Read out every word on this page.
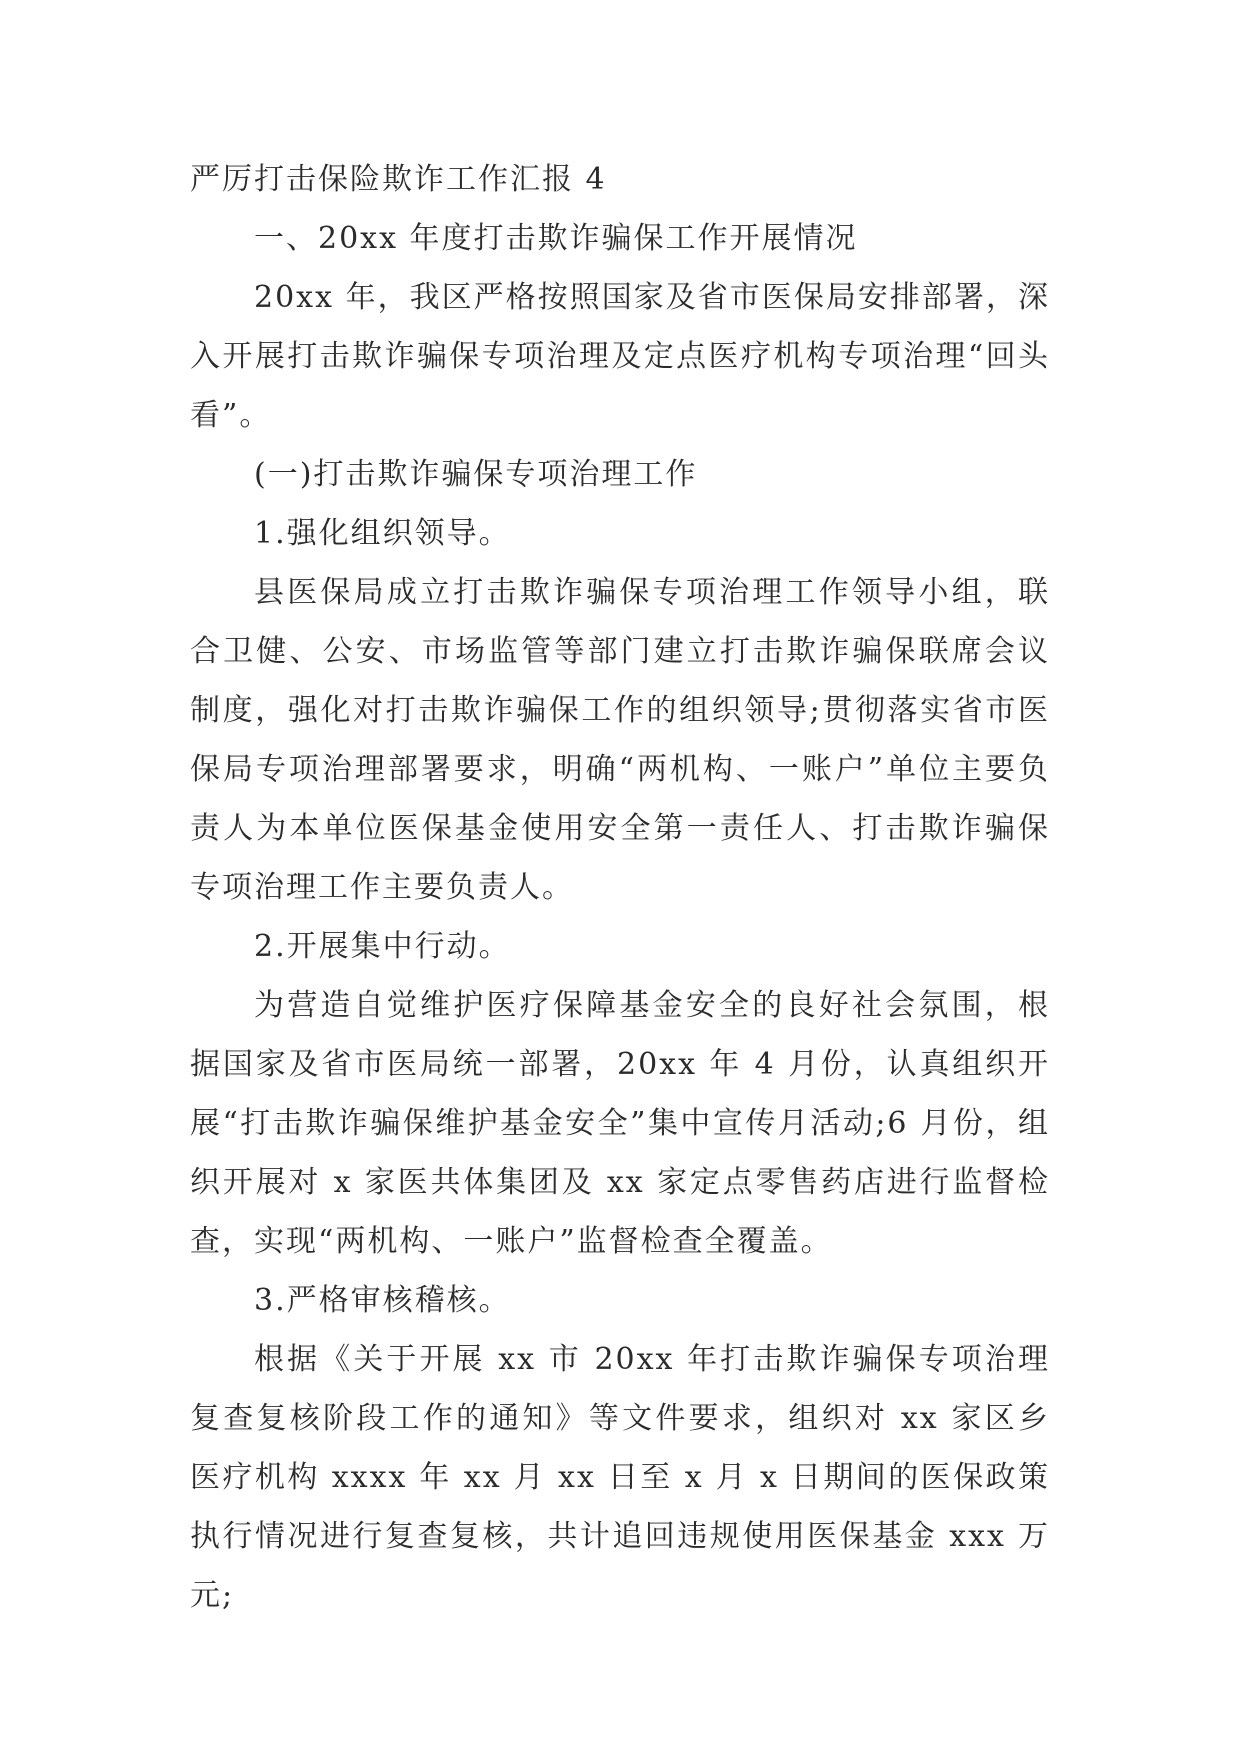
严厉打击保险欺诈工作汇报 4

一、20xx 年度打击欺诈骗保工作开展情况

20xx 年，我区严格按照国家及省市医保局安排部署，深入开展打击欺诈骗保专项治理及定点医疗机构专项治理“回头看”。

(一)打击欺诈骗保专项治理工作

1.强化组织领导。

县医保局成立打击欺诈骗保专项治理工作领导小组，联合卫健、公安、市场监管等部门建立打击欺诈骗保联席会议制度，强化对打击欺诈骗保工作的组织领导;贯彻落实省市医保局专项治理部署要求，明确“两机构、一账户”单位主要负责人为本单位医保基金使用安全第一责任人、打击欺诈骗保专项治理工作主要负责人。

2.开展集中行动。

为营造自觉维护医疗保障基金安全的良好社会氛围，根据国家及省市医局统一部署，20xx 年 4 月份，认真组织开展“打击欺诈骗保维护基金安全”集中宣传月活动;6 月份，组织开展对 x 家医共体集团及 xx 家定点零售药店进行监督检查，实现“两机构、一账户”监督检查全覆盖。

3.严格审核稽核。

根据《关于开展 xx 市 20xx 年打击欺诈骗保专项治理复查复核阶段工作的通知》等文件要求，组织对 xx 家区乡医疗机构 xxxx 年 xx 月 xx 日至 x 月 x 日期间的医保政策执行情况进行复查复核，共计追回违规使用医保基金 xxx 万元;
